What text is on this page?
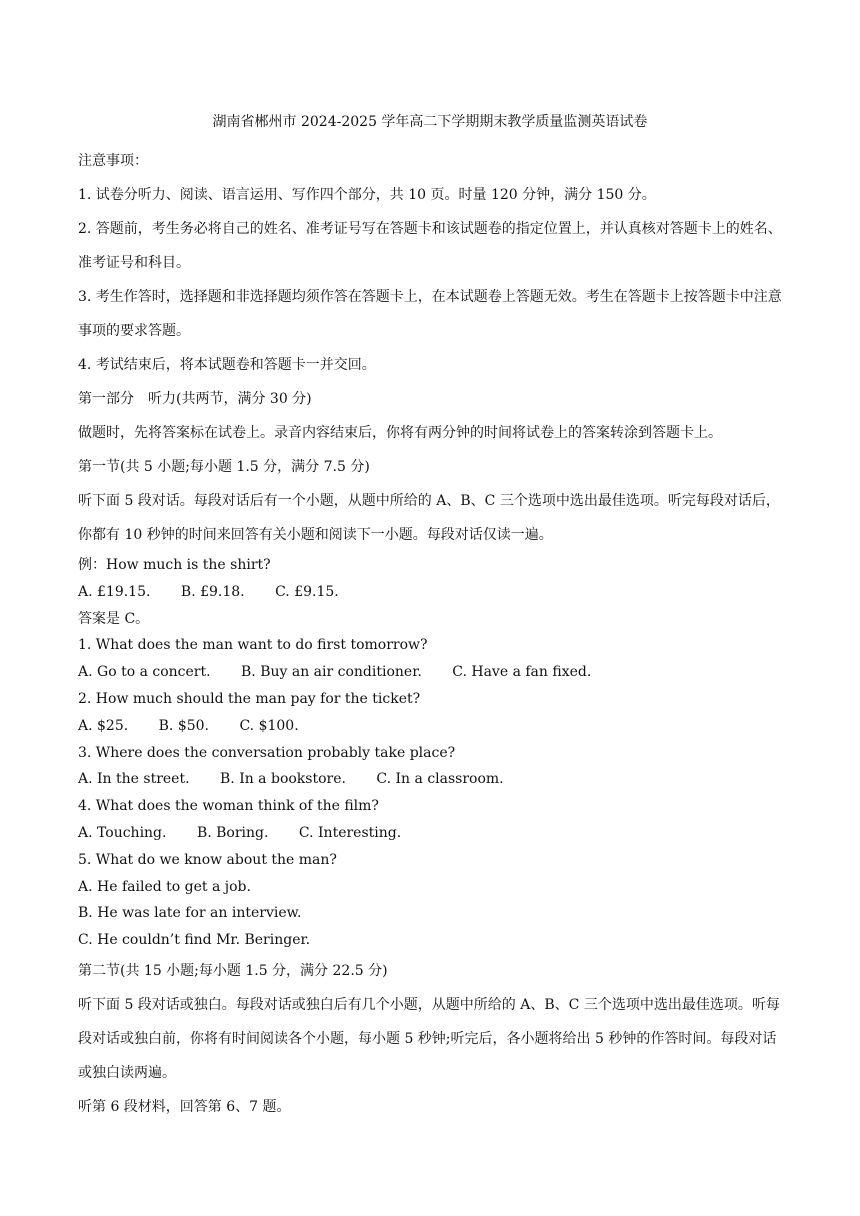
湖南省郴州市 2024-2025 学年高二下学期期末教学质量监测英语试卷

注意事项：

1. 试卷分听力、阅读、语言运用、写作四个部分，共 10 页。时量 120 分钟，满分 150 分。

2. 答题前，考生务必将自己的姓名、准考证号写在答题卡和该试题卷的指定位置上，并认真核对答题卡上的姓名、准考证号和科目。

3. 考生作答时，选择题和非选择题均须作答在答题卡上，在本试题卷上答题无效。考生在答题卡上按答题卡中注意事项的要求答题。

4. 考试结束后，将本试题卷和答题卡一并交回。

第一部分　听力(共两节，满分 30 分)

做题时，先将答案标在试卷上。录音内容结束后，你将有两分钟的时间将试卷上的答案转涂到答题卡上。

第一节(共 5 小题;每小题 1.5 分，满分 7.5 分)

听下面 5 段对话。每段对话后有一个小题，从题中所给的 A、B、C 三个选项中选出最佳选项。听完每段对话后，你都有 10 秒钟的时间来回答有关小题和阅读下一小题。每段对话仅读一遍。

例：How much is the shirt?

A. £19.15. B. £9.18. C. £9.15.

答案是 C。

1. What does the man want to do first tomorrow?

A. Go to a concert. B. Buy an air conditioner. C. Have a fan fixed.

2. How much should the man pay for the ticket?

A. $25. B. $50. C. $100.

3. Where does the conversation probably take place?

A. In the street. B. In a bookstore. C. In a classroom.

4. What does the woman think of the film?

A. Touching. B. Boring. C. Interesting.

5. What do we know about the man?

A. He failed to get a job.

B. He was late for an interview.

C. He couldn’t find Mr. Beringer.

第二节(共 15 小题;每小题 1.5 分，满分 22.5 分)

听下面 5 段对话或独白。每段对话或独白后有几个小题，从题中所给的 A、B、C 三个选项中选出最佳选项。听每段对话或独白前，你将有时间阅读各个小题，每小题 5 秒钟;听完后，各小题将给出 5 秒钟的作答时间。每段对话或独白读两遍。

听第 6 段材料，回答第 6、7 题。
